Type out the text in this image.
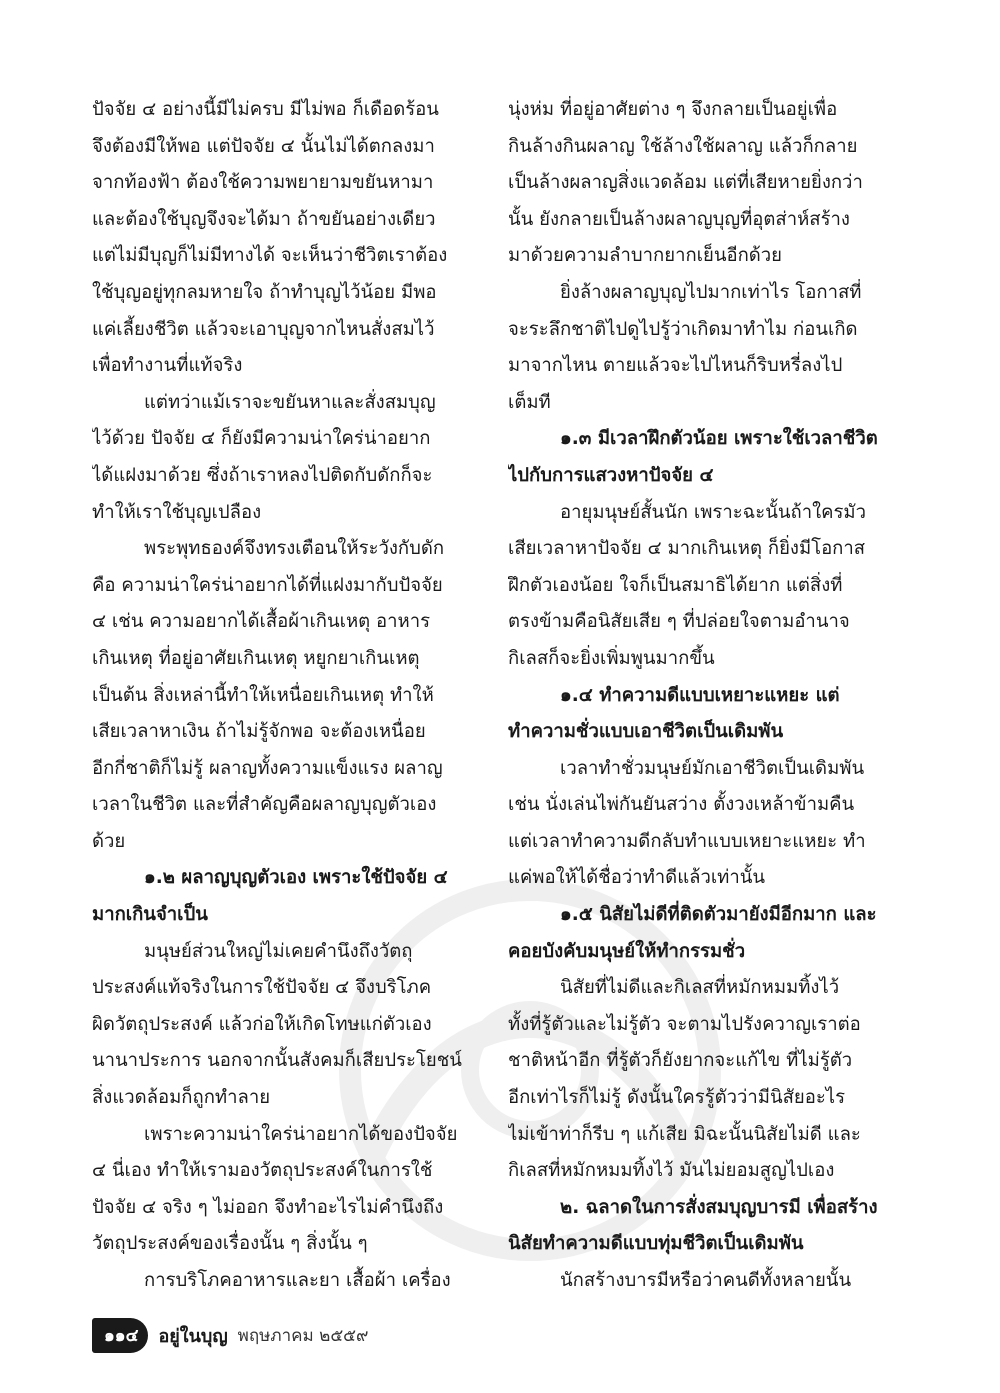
ปัจจัย ๔ อย่างนี้มีไม่ครบ มีไม่พอ ก็เดือดร้อน
จึงต้องมีให้พอ แต่ปัจจัย ๔ นั้นไม่ได้ตกลงมา
จากท้องฟ้า ต้องใช้ความพยายามขยันหามา
และต้องใช้บุญจึงจะได้มา ถ้าขยันอย่างเดียว
แต่ไม่มีบุญก็ไม่มีทางได้ จะเห็นว่าชีวิตเราต้อง
ใช้บุญอยู่ทุกลมหายใจ ถ้าทำบุญไว้น้อย มีพอ
แค่เลี้ยงชีวิต แล้วจะเอาบุญจากไหนสั่งสมไว้
เพื่อทำงานที่แท้จริง
แต่ทว่าแม้เราจะขยันหาและสั่งสมบุญ
ไว้ด้วย ปัจจัย ๔ ก็ยังมีความน่าใคร่น่าอยาก
ได้แฝงมาด้วย ซึ่งถ้าเราหลงไปติดกับดักก็จะ
ทำให้เราใช้บุญเปลือง
พระพุทธองค์จึงทรงเตือนให้ระวังกับดัก
คือ ความน่าใคร่น่าอยากได้ที่แฝงมากับปัจจัย
๔ เช่น ความอยากได้เสื้อผ้าเกินเหตุ อาหาร
เกินเหตุ ที่อยู่อาศัยเกินเหตุ หยูกยาเกินเหตุ
เป็นต้น สิ่งเหล่านี้ทำให้เหนื่อยเกินเหตุ ทำให้
เสียเวลาหาเงิน ถ้าไม่รู้จักพอ จะต้องเหนื่อย
อีกกี่ชาติก็ไม่รู้ ผลาญทั้งความแข็งแรง ผลาญ
เวลาในชีวิต และที่สำคัญคือผลาญบุญตัวเอง
ด้วย
๑.๒ ผลาญบุญตัวเอง เพราะใช้ปัจจัย ๔
มากเกินจำเป็น
มนุษย์ส่วนใหญ่ไม่เคยคำนึงถึงวัตถุ
ประสงค์แท้จริงในการใช้ปัจจัย ๔ จึงบริโภค
ผิดวัตถุประสงค์ แล้วก่อให้เกิดโทษแก่ตัวเอง
นานาประการ นอกจากนั้นสังคมก็เสียประโยชน์
สิ่งแวดล้อมก็ถูกทำลาย
เพราะความน่าใคร่น่าอยากได้ของปัจจัย
๔ นี่เอง ทำให้เรามองวัตถุประสงค์ในการใช้
ปัจจัย ๔ จริง ๆ ไม่ออก จึงทำอะไรไม่คำนึงถึง
วัตถุประสงค์ของเรื่องนั้น ๆ สิ่งนั้น ๆ
การบริโภคอาหารและยา เสื้อผ้า เครื่อง
นุ่งห่ม ที่อยู่อาศัยต่าง ๆ จึงกลายเป็นอยู่เพื่อ
กินล้างกินผลาญ ใช้ล้างใช้ผลาญ แล้วก็กลาย
เป็นล้างผลาญสิ่งแวดล้อม แต่ที่เสียหายยิ่งกว่า
นั้น ยังกลายเป็นล้างผลาญบุญที่อุตส่าห์สร้าง
มาด้วยความลำบากยากเย็นอีกด้วย
ยิ่งล้างผลาญบุญไปมากเท่าไร โอกาสที่
จะระลึกชาติไปดูไปรู้ว่าเกิดมาทำไม ก่อนเกิด
มาจากไหน ตายแล้วจะไปไหนก็ริบหรี่ลงไป
เต็มที
๑.๓ มีเวลาฝึกตัวน้อย เพราะใช้เวลาชีวิต
ไปกับการแสวงหาปัจจัย ๔
อายุมนุษย์สั้นนัก เพราะฉะนั้นถ้าใครมัว
เสียเวลาหาปัจจัย ๔ มากเกินเหตุ ก็ยิ่งมีโอกาส
ฝึกตัวเองน้อย ใจก็เป็นสมาธิได้ยาก แต่สิ่งที่
ตรงข้ามคือนิสัยเสีย ๆ ที่ปล่อยใจตามอำนาจ
กิเลสก็จะยิ่งเพิ่มพูนมากขึ้น
๑.๔ ทำความดีแบบเหยาะแหยะ แต่
ทำความชั่วแบบเอาชีวิตเป็นเดิมพัน
เวลาทำชั่วมนุษย์มักเอาชีวิตเป็นเดิมพัน
เช่น นั่งเล่นไพ่กันยันสว่าง ตั้งวงเหล้าข้ามคืน
แต่เวลาทำความดีกลับทำแบบเหยาะแหยะ ทำ
แค่พอให้ได้ชื่อว่าทำดีแล้วเท่านั้น
๑.๕ นิสัยไม่ดีที่ติดตัวมายังมีอีกมาก และ
คอยบังคับมนุษย์ให้ทำกรรมชั่ว
นิสัยที่ไม่ดีและกิเลสที่หมักหมมทิ้งไว้
ทั้งที่รู้ตัวและไม่รู้ตัว จะตามไปรังควาญเราต่อ
ชาติหน้าอีก ที่รู้ตัวก็ยังยากจะแก้ไข ที่ไม่รู้ตัว
อีกเท่าไรก็ไม่รู้ ดังนั้นใครรู้ตัวว่ามีนิสัยอะไร
ไม่เข้าท่าก็รีบ ๆ แก้เสีย มิฉะนั้นนิสัยไม่ดี และ
กิเลสที่หมักหมมทิ้งไว้ มันไม่ยอมสูญไปเอง
๒. ฉลาดในการสั่งสมบุญบารมี เพื่อสร้าง
นิสัยทำความดีแบบทุ่มชีวิตเป็นเดิมพัน
นักสร้างบารมีหรือว่าคนดีทั้งหลายนั้น
๑๑๔	อยู่ในบุญ พฤษภาคม ๒๕๕๙
